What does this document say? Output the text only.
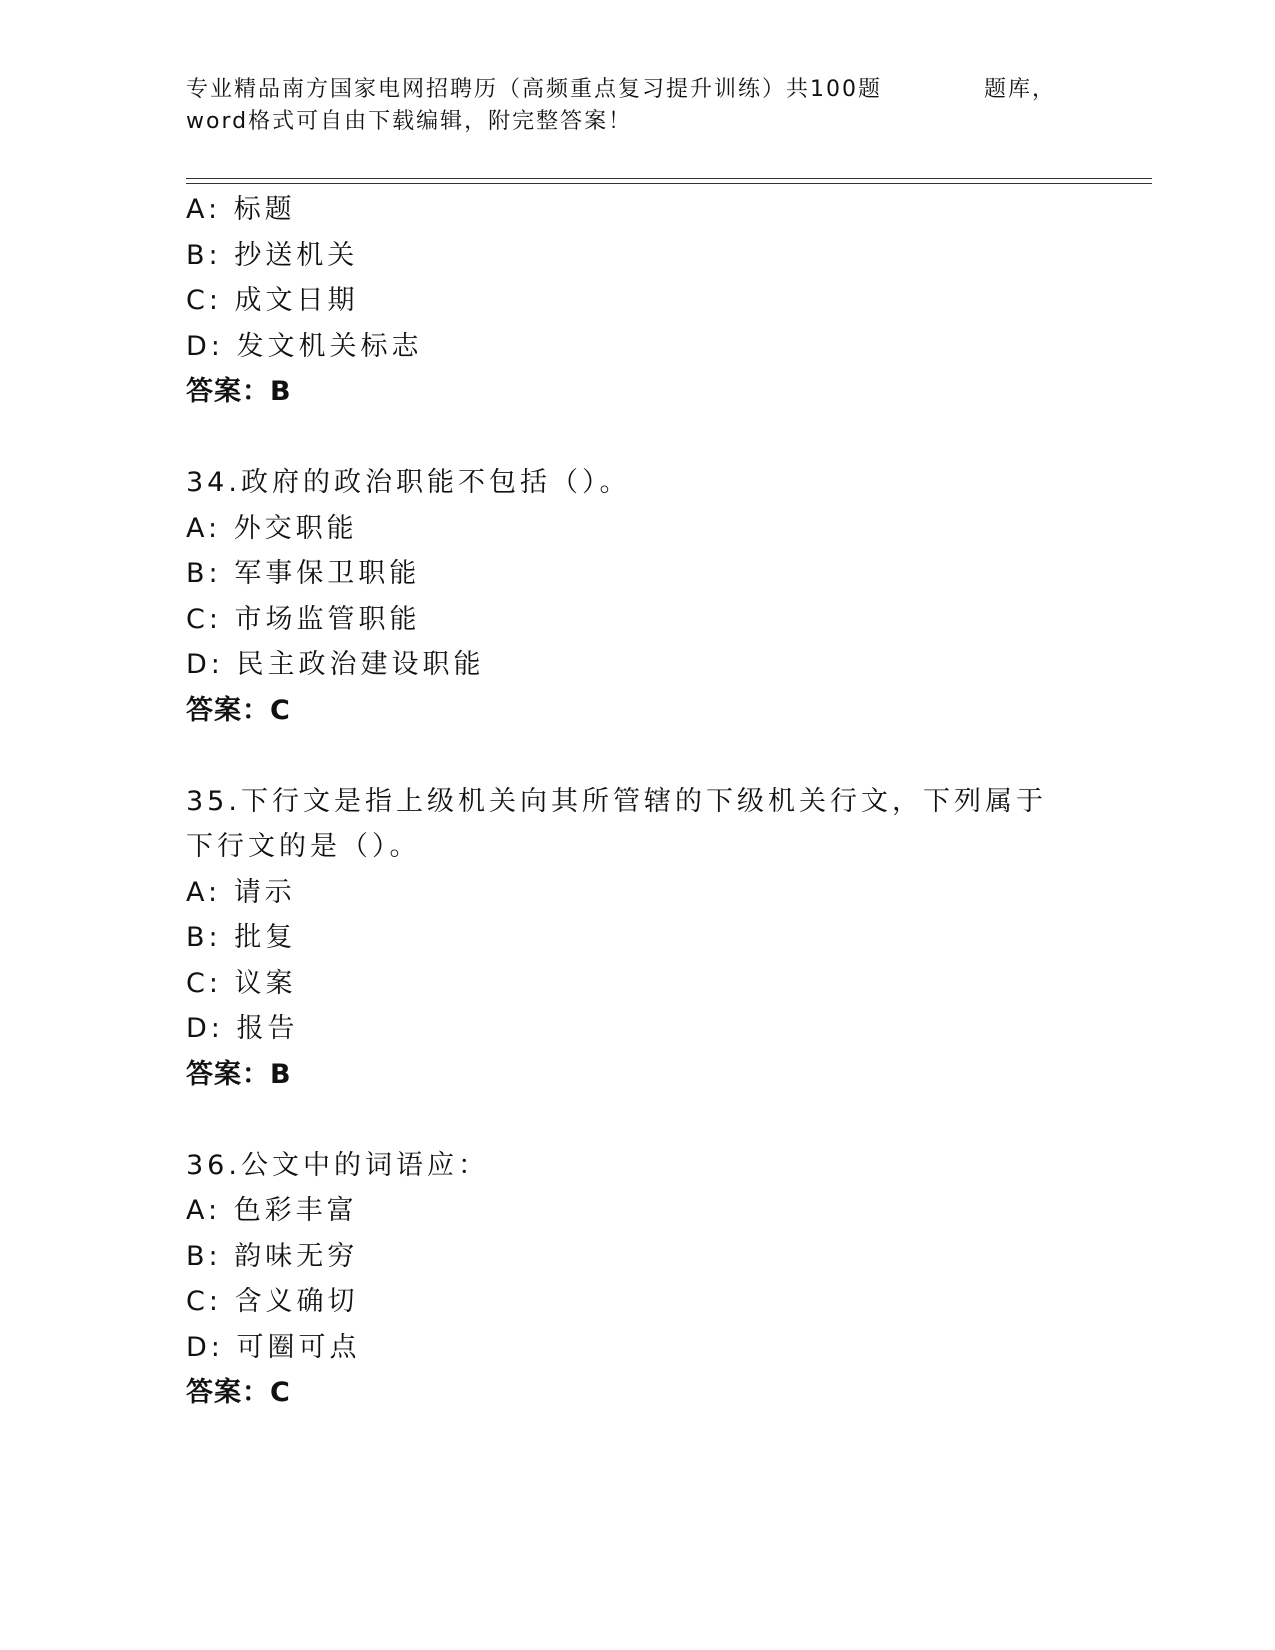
专业精品南方国家电网招聘历（高频重点复习提升训练）共100题	题库，
word格式可自由下载编辑，附完整答案！
A: 标题
B: 抄送机关
C: 成文日期
D: 发文机关标志
答案：B
34.政府的政治职能不包括（）。
A: 外交职能
B: 军事保卫职能
C: 市场监管职能
D: 民主政治建设职能
答案：C
35.下行文是指上级机关向其所管辖的下级机关行文，下列属于下行文的是（）。
A: 请示
B: 批复
C: 议案
D: 报告
答案：B
36.公文中的词语应：
A: 色彩丰富
B: 韵味无穷
C: 含义确切
D: 可圈可点
答案：C
